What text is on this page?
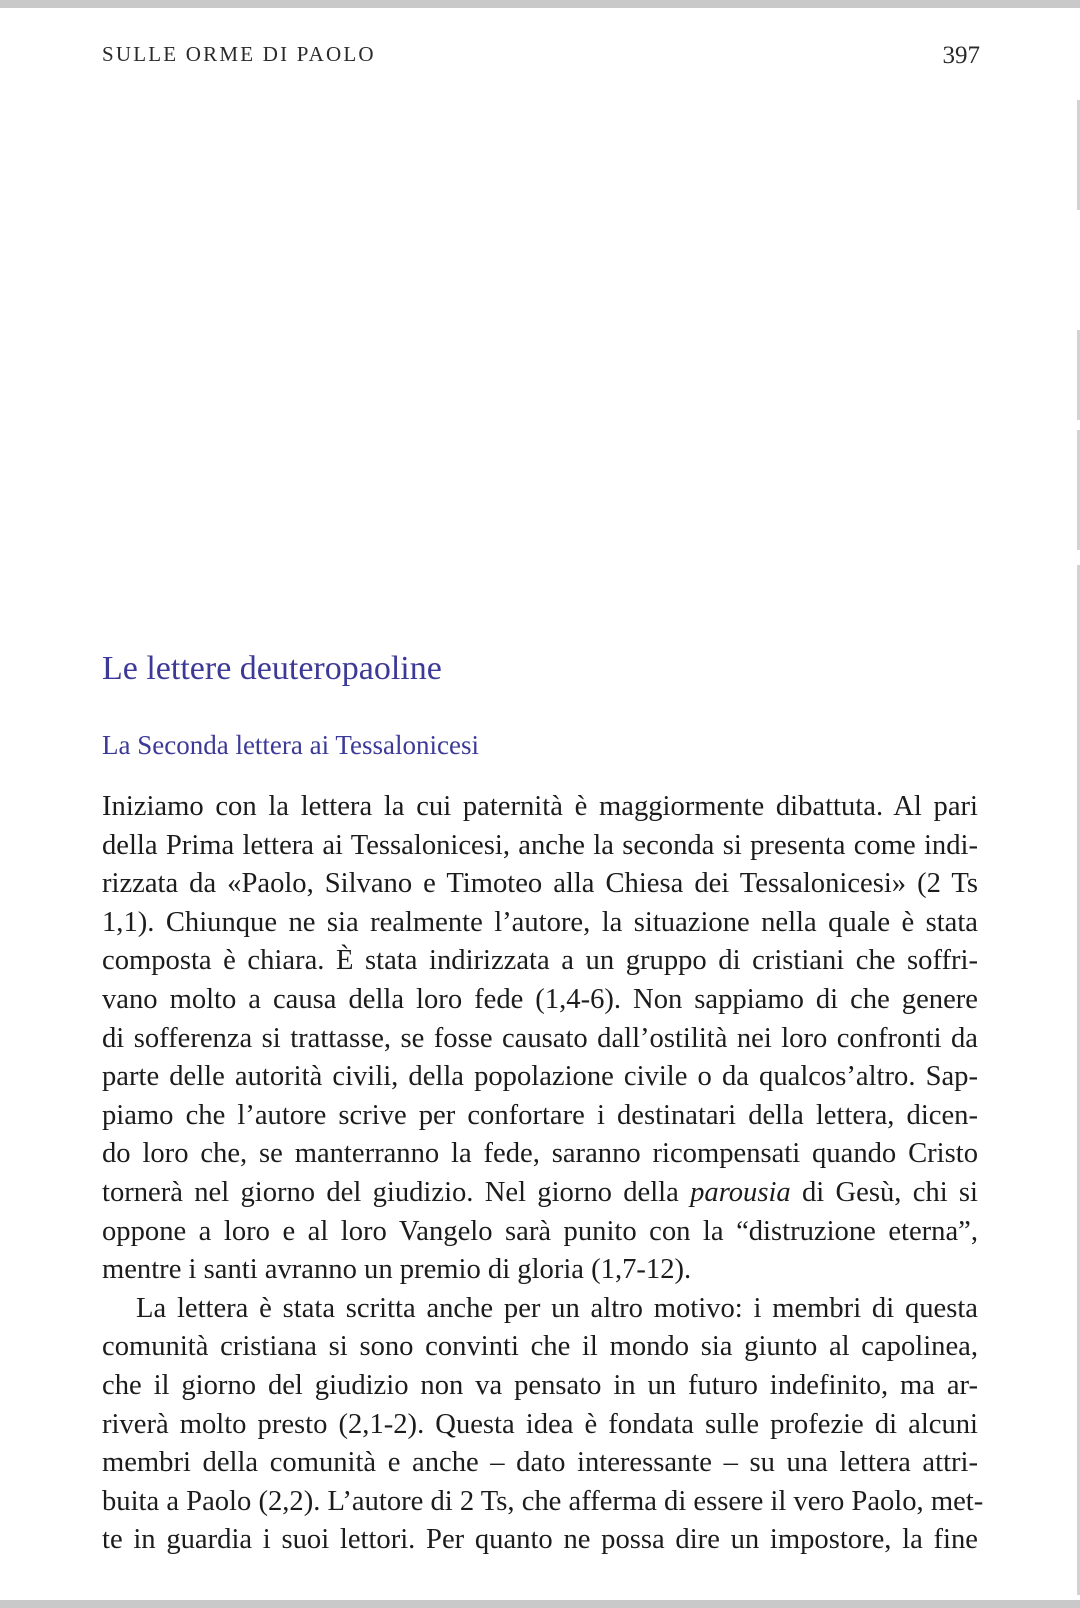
SULLE ORME DI PAOLO	397
Le lettere deuteropaoline
La Seconda lettera ai Tessalonicesi
Iniziamo con la lettera la cui paternità è maggiormente dibattuta. Al pari
della Prima lettera ai Tessalonicesi, anche la seconda si presenta come indi-
rizzata da «Paolo, Silvano e Timoteo alla Chiesa dei Tessalonicesi» (2 Ts
1,1). Chiunque ne sia realmente l’autore, la situazione nella quale è stata
composta è chiara. È stata indirizzata a un gruppo di cristiani che soffri-
vano molto a causa della loro fede (1,4-6). Non sappiamo di che genere
di sofferenza si trattasse, se fosse causato dall’ostilità nei loro confronti da
parte delle autorità civili, della popolazione civile o da qualcos’altro. Sap-
piamo che l’autore scrive per confortare i destinatari della lettera, dicen-
do loro che, se manterranno la fede, saranno ricompensati quando Cristo
tornerà nel giorno del giudizio. Nel giorno della parousia di Gesù, chi si
oppone a loro e al loro Vangelo sarà punito con la “distruzione eterna”,
mentre i santi avranno un premio di gloria (1,7-12).
La lettera è stata scritta anche per un altro motivo: i membri di questa
comunità cristiana si sono convinti che il mondo sia giunto al capolinea,
che il giorno del giudizio non va pensato in un futuro indefinito, ma ar-
riverà molto presto (2,1-2). Questa idea è fondata sulle profezie di alcuni
membri della comunità e anche – dato interessante – su una lettera attri-
buita a Paolo (2,2). L’autore di 2 Ts, che afferma di essere il vero Paolo, met-
te in guardia i suoi lettori. Per quanto ne possa dire un impostore, la fine
